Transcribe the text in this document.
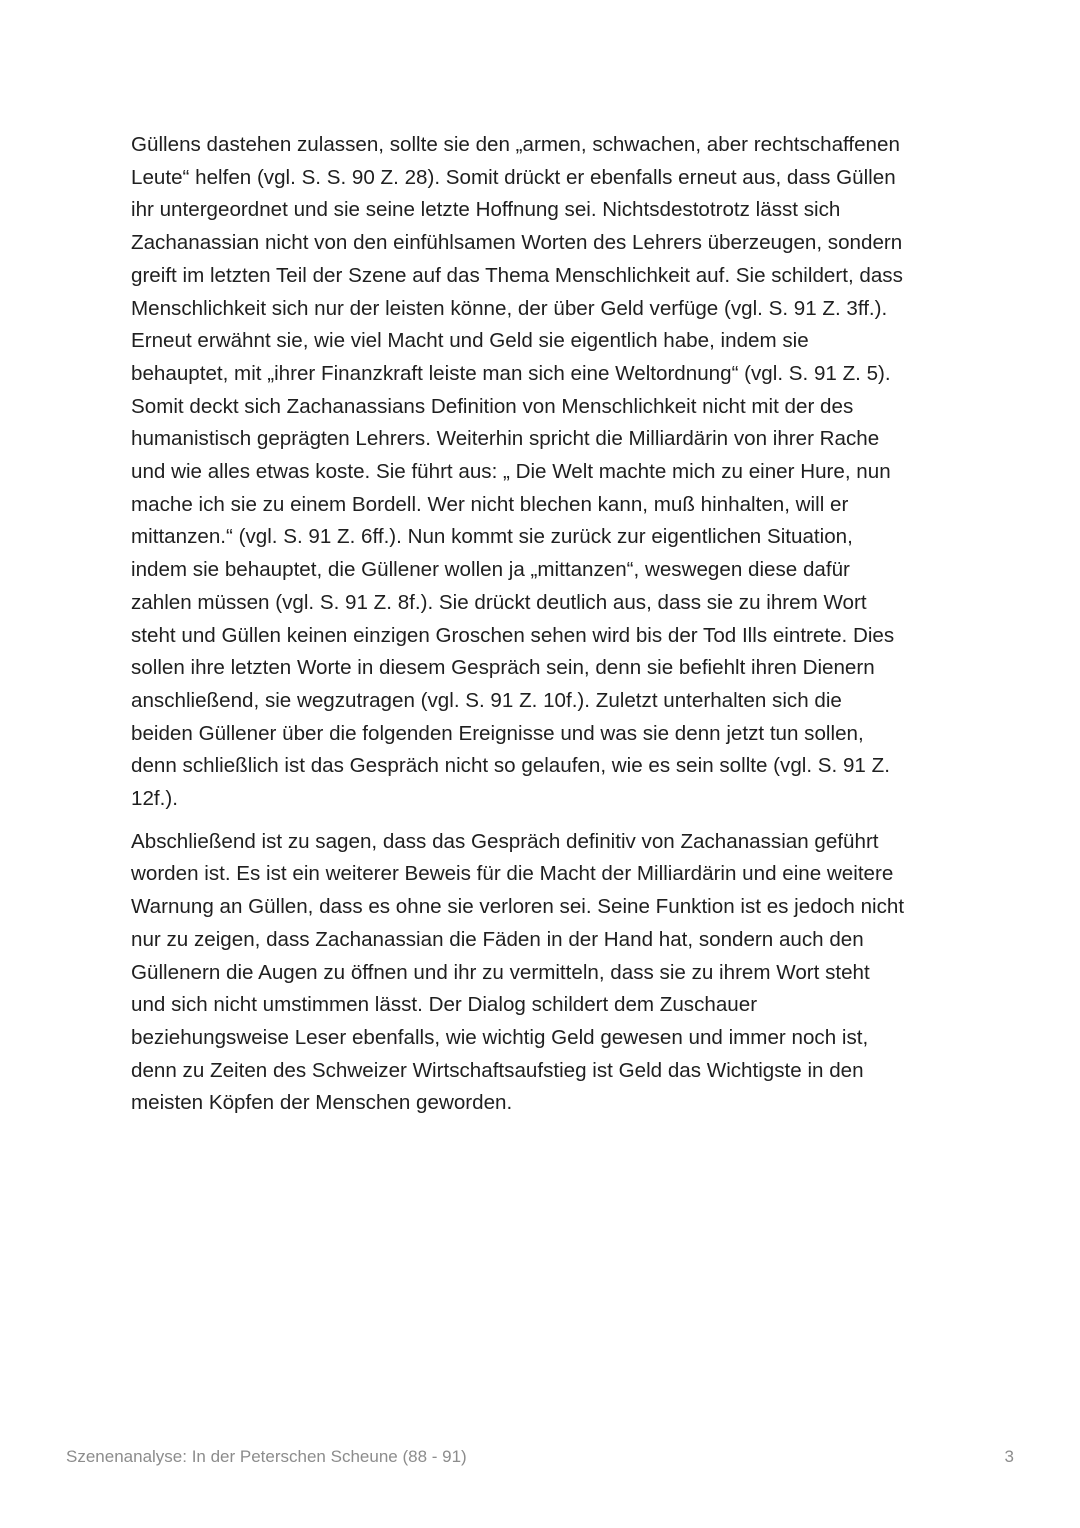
Güllens dastehen zulassen, sollte sie den „armen, schwachen, aber rechtschaffenen
Leute“ helfen (vgl. S. S. 90 Z. 28). Somit drückt er ebenfalls erneut aus, dass Güllen
ihr untergeordnet und sie seine letzte Hoffnung sei. Nichtsdestotrotz lässt sich
Zachanassian nicht von den einfühlsamen Worten des Lehrers überzeugen, sondern
greift im letzten Teil der Szene auf das Thema Menschlichkeit auf. Sie schildert, dass
Menschlichkeit sich nur der leisten könne, der über Geld verfüge (vgl. S. 91 Z. 3ff.).
Erneut erwähnt sie, wie viel Macht und Geld sie eigentlich habe, indem sie
behauptet, mit „ihrer Finanzkraft leiste man sich eine Weltordnung“ (vgl. S. 91 Z. 5).
Somit deckt sich Zachanassians Definition von Menschlichkeit nicht mit der des
humanistisch geprägten Lehrers. Weiterhin spricht die Milliardärin von ihrer Rache
und wie alles etwas koste. Sie führt aus: „ Die Welt machte mich zu einer Hure, nun
mache ich sie zu einem Bordell. Wer nicht blechen kann, muß hinhalten, will er
mittanzen.“ (vgl. S. 91 Z. 6ff.). Nun kommt sie zurück zur eigentlichen Situation,
indem sie behauptet, die Güllener wollen ja „mittanzen“, weswegen diese dafür
zahlen müssen (vgl. S. 91 Z. 8f.). Sie drückt deutlich aus, dass sie zu ihrem Wort
steht und Güllen keinen einzigen Groschen sehen wird bis der Tod Ills eintrete. Dies
sollen ihre letzten Worte in diesem Gespräch sein, denn sie befiehlt ihren Dienern
anschließend, sie wegzutragen (vgl. S. 91 Z. 10f.). Zuletzt unterhalten sich die
beiden Güllener über die folgenden Ereignisse und was sie denn jetzt tun sollen,
denn schließlich ist das Gespräch nicht so gelaufen, wie es sein sollte (vgl. S. 91 Z.
12f.).

Abschließend ist zu sagen, dass das Gespräch definitiv von Zachanassian geführt
worden ist. Es ist ein weiterer Beweis für die Macht der Milliardärin und eine weitere
Warnung an Güllen, dass es ohne sie verloren sei. Seine Funktion ist es jedoch nicht
nur zu zeigen, dass Zachanassian die Fäden in der Hand hat, sondern auch den
Güllenern die Augen zu öffnen und ihr zu vermitteln, dass sie zu ihrem Wort steht
und sich nicht umstimmen lässt. Der Dialog schildert dem Zuschauer
beziehungsweise Leser ebenfalls, wie wichtig Geld gewesen und immer noch ist,
denn zu Zeiten des Schweizer Wirtschaftsaufstieg ist Geld das Wichtigste in den
meisten Köpfen der Menschen geworden.

Szenenanalyse: In der Peterschen Scheune (88 - 91)	3
